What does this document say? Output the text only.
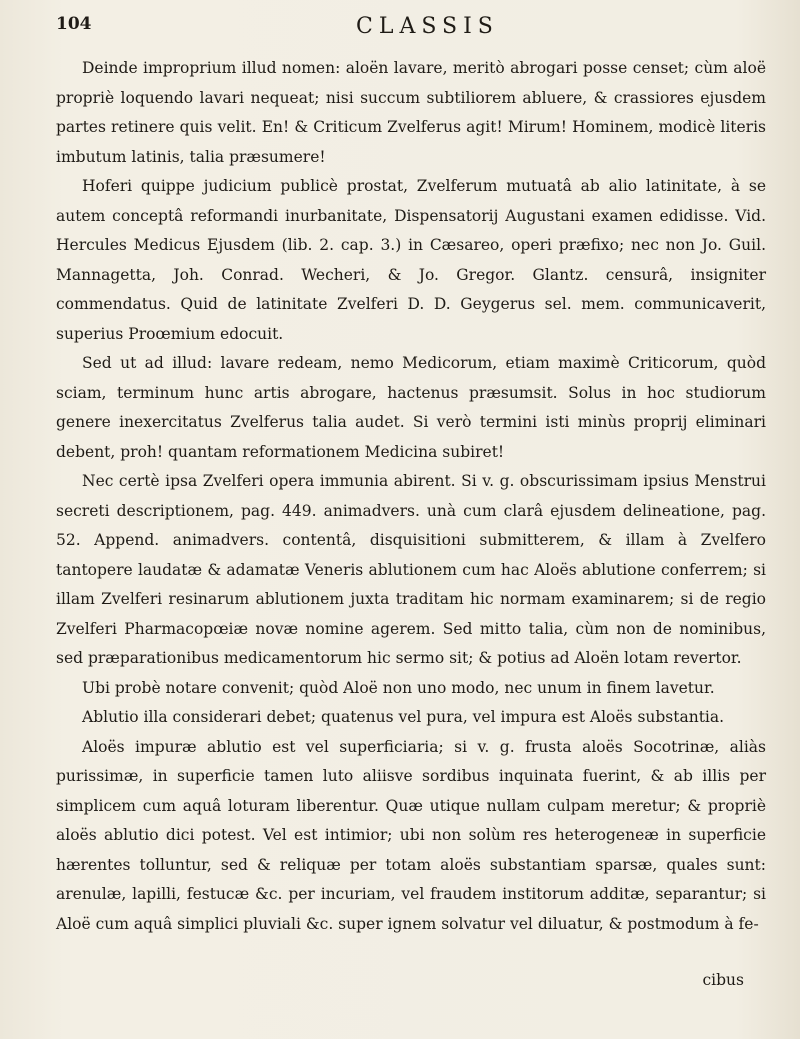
104	CLASSIS

Deinde improprium illud nomen: aloën lavare, meritò abrogari posse censet; cùm aloë propriè loquendo lavari nequeat; nisi succum subtiliorem abluere, & crassiores ejusdem partes retinere quis velit. En! & Criticum Zvelferus agit! Mirum! Hominem, modicè literis imbutum latinis, talia præsumere!

Hoferi quippe judicium publicè prostat, Zvelferum mutuatâ ab alio latinitate, à se autem conceptâ reformandi inurbanitate, Dispensatorij Augustani examen edidisse. Vid. Hercules Medicus Ejusdem (lib. 2. cap. 3.) in Cæsareo, operi præfixo; nec non Jo. Guil. Mannagetta, Joh. Conrad. Wecheri, & Jo. Gregor. Glantz. censurâ, insigniter commendatus. Quid de latinitate Zvelferi D. D. Geygerus sel. mem. communicaverit, superius Proœmium edocuit.

Sed ut ad illud: lavare redeam, nemo Medicorum, etiam maximè Criticorum, quòd sciam, terminum hunc artis abrogare, hactenus præsumsit. Solus in hoc studiorum genere inexercitatus Zvelferus talia audet. Si verò termini isti minùs proprij eliminari debent, proh! quantam reformationem Medicina subiret!

Nec certè ipsa Zvelferi opera immunia abirent. Si v. g. obscurissimam ipsius Menstrui secreti descriptionem, pag. 449. animadvers. unà cum clarâ ejusdem delineatione, pag. 52. Append. animadvers. contentâ, disquisitioni submitterem, & illam à Zvelfero tantopere laudatæ & adamatæ Veneris ablutionem cum hac Aloës ablutione conferrem; si illam Zvelferi resinarum ablutionem juxta traditam hic normam examinarem; si de regio Zvelferi Pharmacopœiæ novæ nomine agerem. Sed mitto talia, cùm non de nominibus, sed præparationibus medicamentorum hic sermo sit; & potius ad Aloën lotam revertor.

Ubi probè notare convenit; quòd Aloë non uno modo, nec unum in finem lavetur.

Ablutio illa considerari debet; quatenus vel pura, vel impura est Aloës substantia.

Aloës impuræ ablutio est vel superficiaria; si v. g. frusta aloës Socotrinæ, aliàs purissimæ, in superficie tamen luto aliisve sordibus inquinata fuerint, & ab illis per simplicem cum aquâ loturam liberentur. Quæ utique nullam culpam meretur; & propriè aloës ablutio dici potest. Vel est intimior; ubi non solùm res heterogeneæ in superficie hærentes tolluntur, sed & reliquæ per totam aloës substantiam sparsæ, quales sunt: arenulæ, lapilli, festucæ &c. per incuriam, vel fraudem institorum additæ, separantur; si Aloë cum aquâ simplici pluviali &c. super ignem solvatur vel diluatur, & postmodum à fe-

cibus
